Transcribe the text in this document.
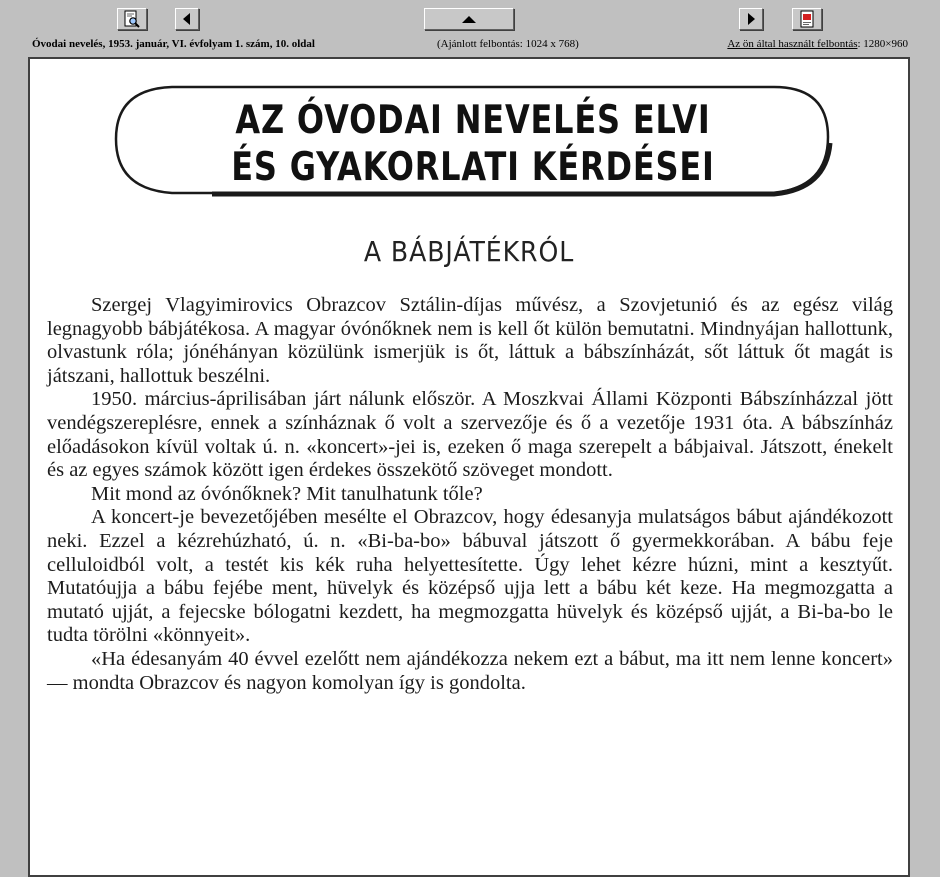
Óvodai nevelés, 1953. január, VI. évfolyam 1. szám, 10. oldal	(Ajánlott felbontás: 1024 x 768)	Az ön által használt felbontás: 1280×960
AZ ÓVODAI NEVELÉS ELVI
ÉS GYAKORLATI KÉRDÉSEI
A BÁBJÁTÉKRÓL

Szergej Vlagyimirovics Obrazcov Sztálin-díjas művész, a Szovjetunió és az egész világ legnagyobb bábjátékosa. A magyar óvónőknek nem is kell őt külön bemutatni. Mindnyájan hallottunk, olvastunk róla; jónéhányan közülünk ismerjük is őt, láttuk a bábszínházát, sőt láttuk őt magát is játszani, hallottuk beszélni.

1950. március-áprilisában járt nálunk először. A Moszkvai Állami Központi Bábszínházzal jött vendégszereplésre, ennek a színháznak ő volt a szervezője és ő a vezetője 1931 óta. A bábszínház előadásokon kívül voltak ú. n. «koncert»-jei is, ezeken ő maga szerepelt a bábjaival. Játszott, énekelt és az egyes számok között igen érdekes összekötő szöveget mondott.

Mit mond az óvónőknek? Mit tanulhatunk tőle?

A koncert-je bevezetőjében mesélte el Obrazcov, hogy édesanyja mulatságos bábut ajándékozott neki. Ezzel a kézrehúzható, ú. n. «Bi-ba-bo» bábuval játszott ő gyermekkorában. A bábu feje celluloidból volt, a testét kis kék ruha helyettesítette. Úgy lehet kézre húzni, mint a kesztyűt. Mutatóujja a bábu fejébe ment, hüvelyk és középső ujja lett a bábu két keze. Ha megmozgatta a mutató ujját, a fejecske bólogatni kezdett, ha megmozgatta hüvelyk és középső ujját, a Bi-ba-bo le tudta törölni «könnyeit».

«Ha édesanyám 40 évvel ezelőtt nem ajándékozza nekem ezt a bábut, ma itt nem lenne koncert» — mondta Obrazcov és nagyon komolyan így is gondolta.
